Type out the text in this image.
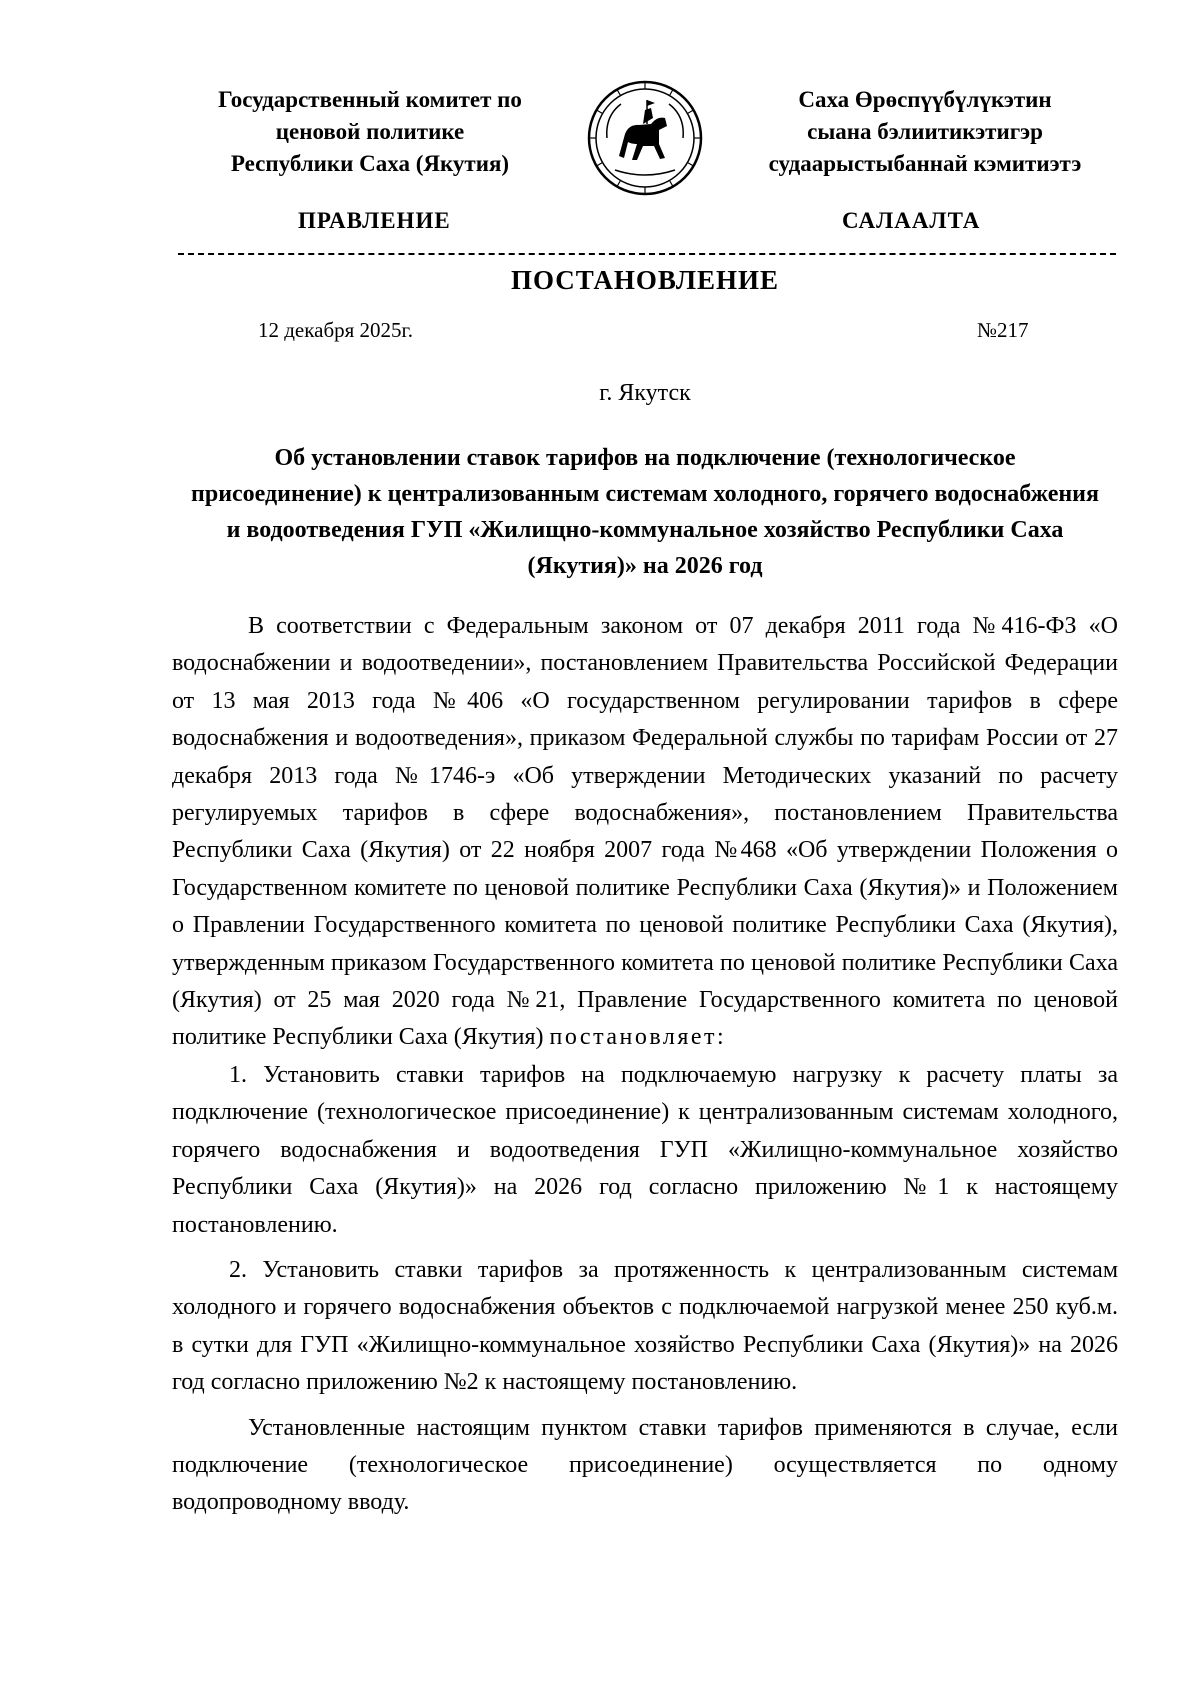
Государственный комитет по
ценовой политике
Республики Саха (Якутия)
Саха Өрөспүүбүлүкэтин
сыана бэлиитикэтигэр
судаарыстыбаннай кэмитиэтэ
ПРАВЛЕНИЕ	САЛААЛТА
ПОСТАНОВЛЕНИЕ
12 декабря 2025г.	№217
г. Якутск
Об установлении ставок тарифов на подключение (технологическое присоединение) к централизованным системам холодного, горячего водоснабжения и водоотведения ГУП «Жилищно-коммунальное хозяйство Республики Саха (Якутия)» на 2026 год

В соответствии с Федеральным законом от 07 декабря 2011 года №416-ФЗ «О водоснабжении и водоотведении», постановлением Правительства Российской Федерации от 13 мая 2013 года №406 «О государственном регулировании тарифов в сфере водоснабжения и водоотведения», приказом Федеральной службы по тарифам России от 27 декабря 2013 года №1746-э «Об утверждении Методических указаний по расчету регулируемых тарифов в сфере водоснабжения», постановлением Правительства Республики Саха (Якутия) от 22 ноября 2007 года №468 «Об утверждении Положения о Государственном комитете по ценовой политике Республики Саха (Якутия)» и Положением о Правлении Государственного комитета по ценовой политике Республики Саха (Якутия), утвержденным приказом Государственного комитета по ценовой политике Республики Саха (Якутия) от 25 мая 2020 года №21, Правление Государственного комитета по ценовой политике Республики Саха (Якутия) постановляет:

1. Установить ставки тарифов на подключаемую нагрузку к расчету платы за подключение (технологическое присоединение) к централизованным системам холодного, горячего водоснабжения и водоотведения ГУП «Жилищно-коммунальное хозяйство Республики Саха (Якутия)» на 2026 год согласно приложению №1 к настоящему постановлению.

2. Установить ставки тарифов за протяженность к централизованным системам холодного и горячего водоснабжения объектов с подключаемой нагрузкой менее 250 куб.м. в сутки для ГУП «Жилищно-коммунальное хозяйство Республики Саха (Якутия)» на 2026 год согласно приложению №2 к настоящему постановлению.

Установленные настоящим пунктом ставки тарифов применяются в случае, если подключение (технологическое присоединение) осуществляется по одному водопроводному вводу.
